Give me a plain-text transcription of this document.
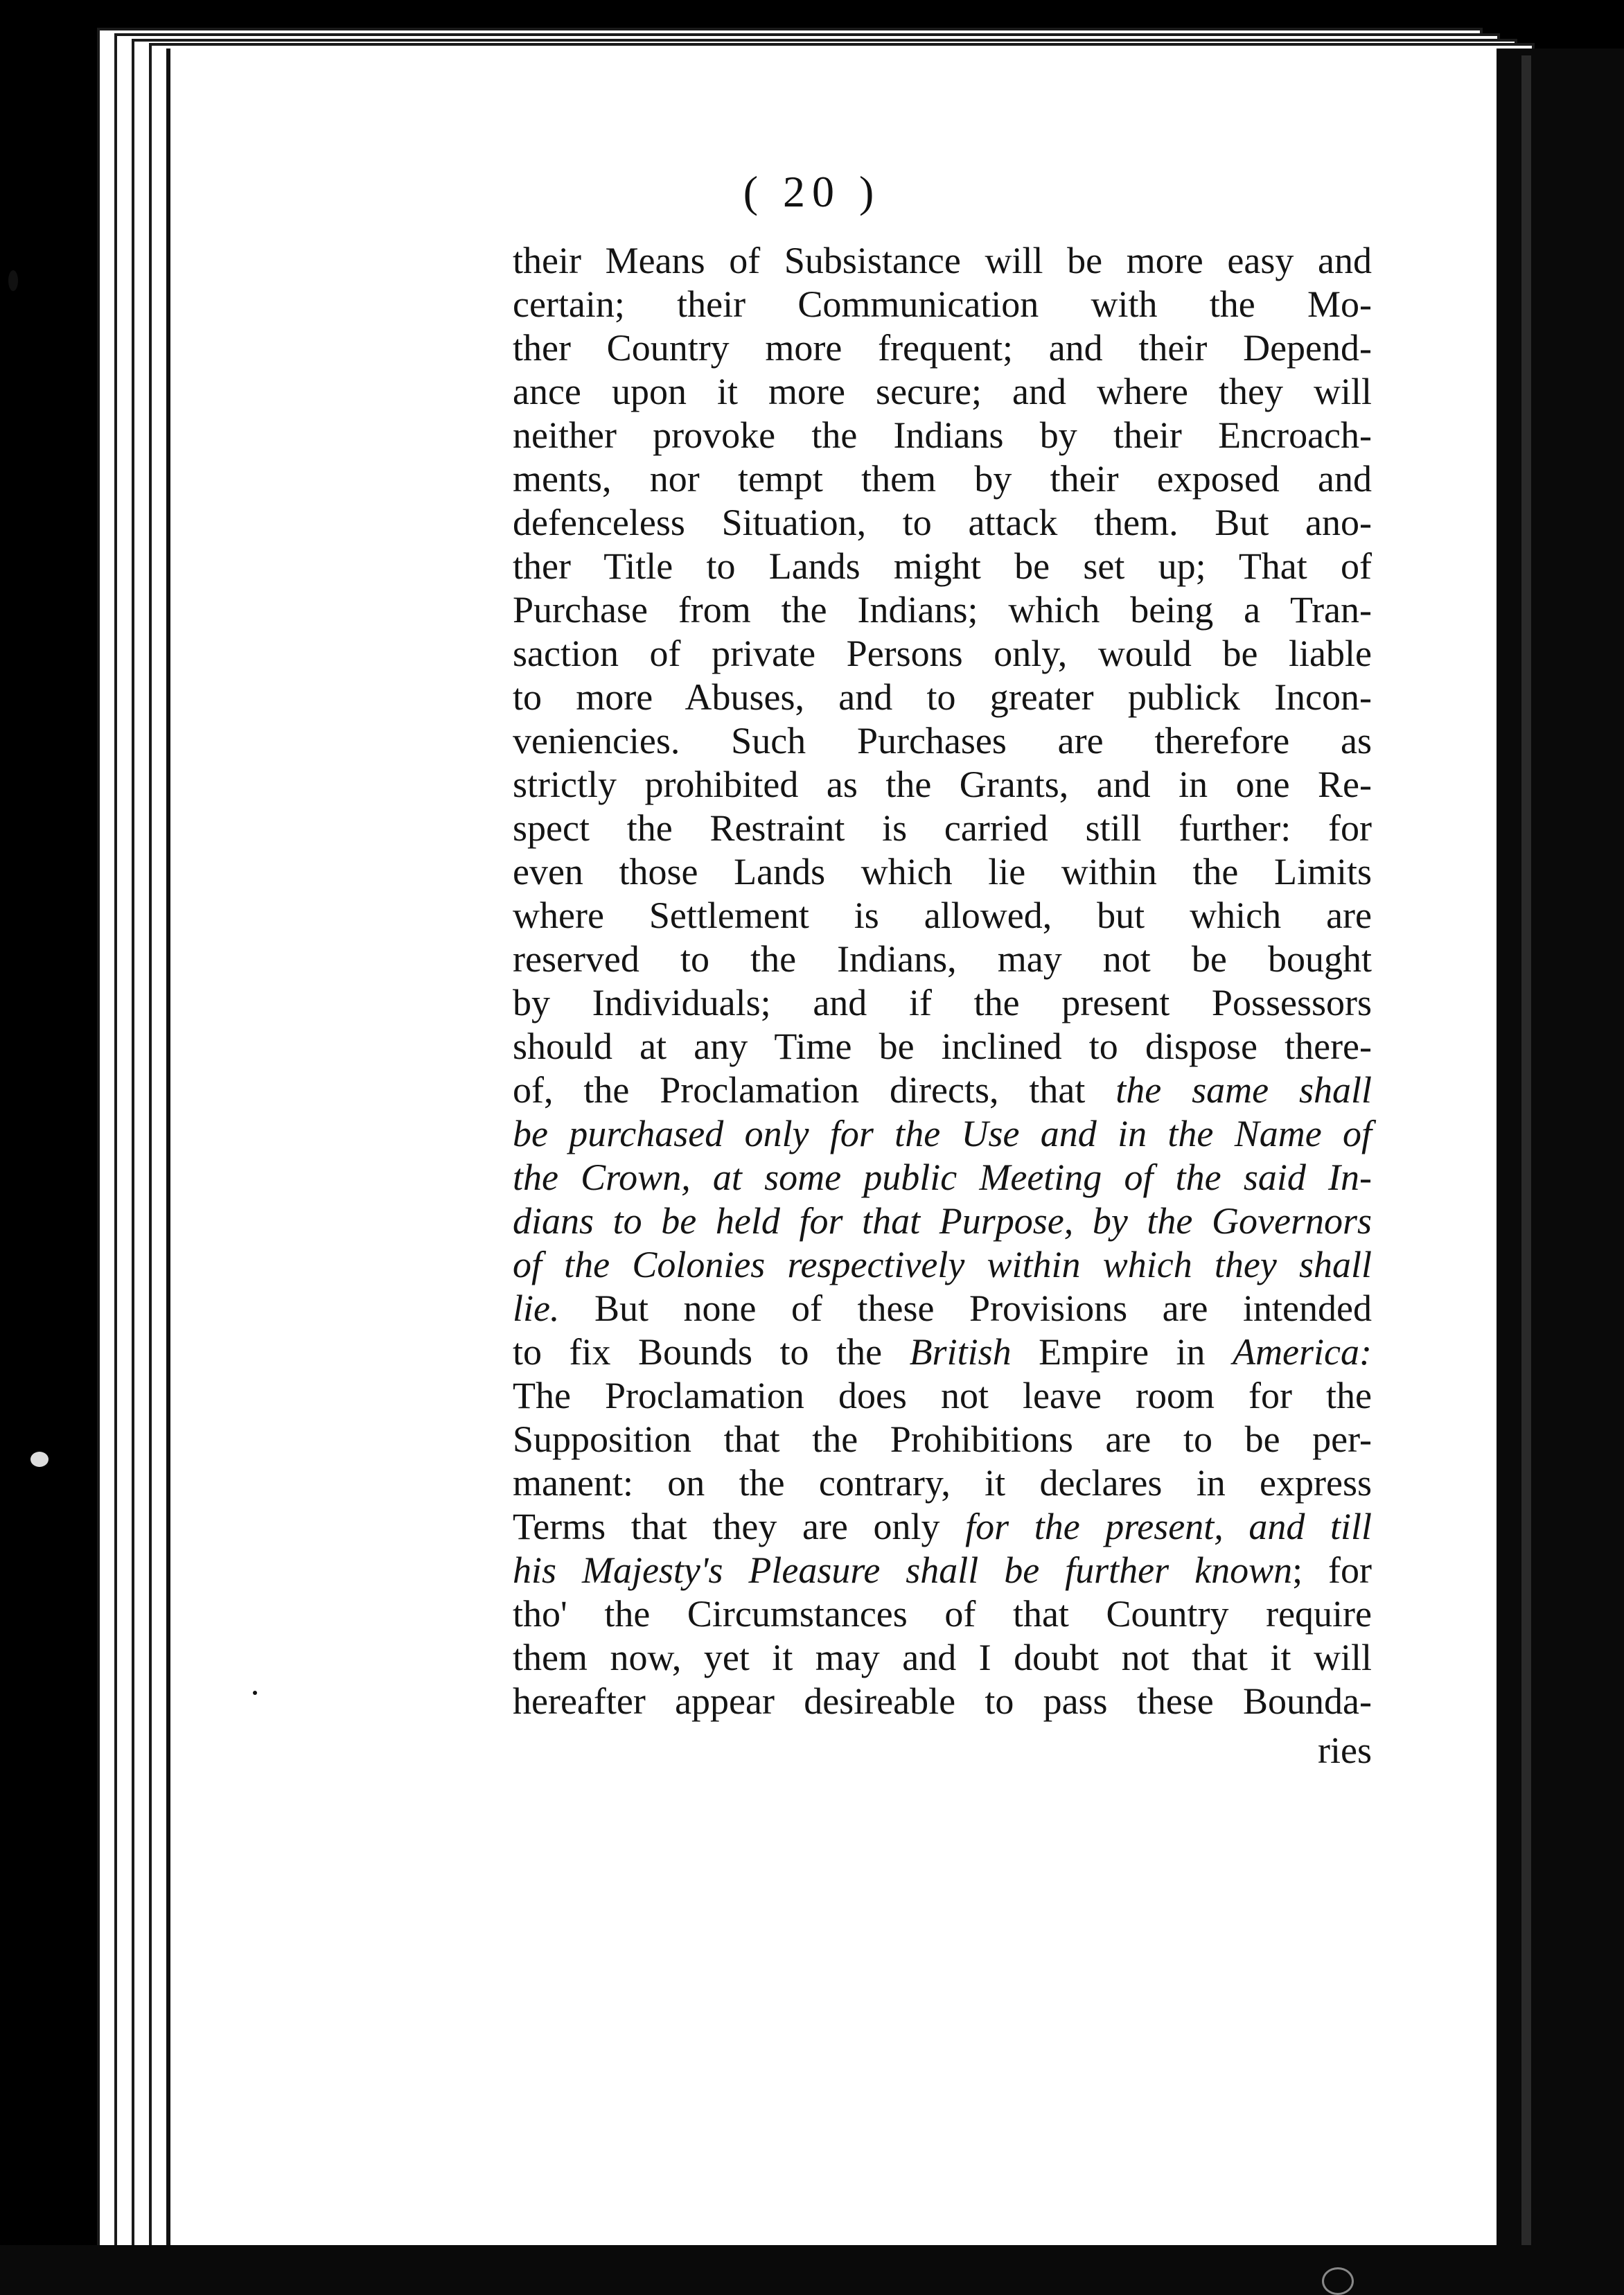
( 20 )
their Means of Subsistance will be more easy and
certain; their Communication with the Mo-
ther Country more frequent; and their Depend-
ance upon it more secure; and where they will
neither provoke the Indians by their Encroach-
ments, nor tempt them by their exposed and
defenceless Situation, to attack them. But ano-
ther Title to Lands might be set up; That of
Purchase from the Indians; which being a Tran-
saction of private Persons only, would be liable
to more Abuses, and to greater publick Incon-
veniencies. Such Purchases are therefore as
strictly prohibited as the Grants, and in one Re-
spect the Restraint is carried still further: for
even those Lands which lie within the Limits
where Settlement is allowed, but which are
reserved to the Indians, may not be bought
by Individuals; and if the present Possessors
should at any Time be inclined to dispose there-
of, the Proclamation directs, that the same shall
be purchased only for the Use and in the Name of
the Crown, at some public Meeting of the said In-
dians to be held for that Purpose, by the Governors
of the Colonies respectively within which they shall
lie. But none of these Provisions are intended
to fix Bounds to the British Empire in America:
The Proclamation does not leave room for the
Supposition that the Prohibitions are to be per-
manent: on the contrary, it declares in express
Terms that they are only for the present, and till
his Majesty's Pleasure shall be further known; for
tho' the Circumstances of that Country require
them now, yet it may and I doubt not that it will
hereafter appear desireable to pass these Bounda-
ries
